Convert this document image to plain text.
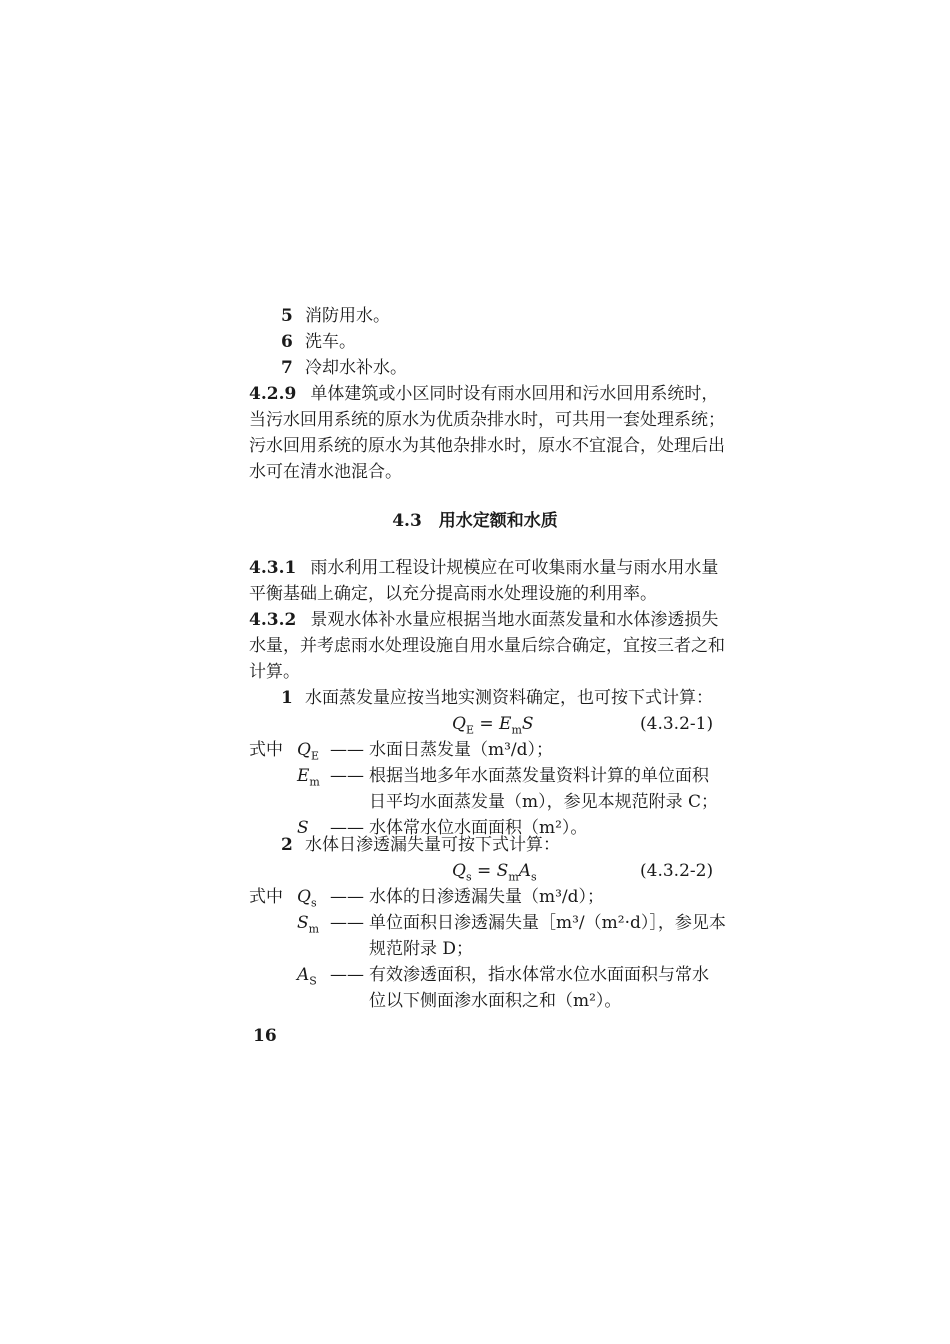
5 消防用水。
6 洗车。
7 冷却水补水。
4.2.9 单体建筑或小区同时设有雨水回用和污水回用系统时，
当污水回用系统的原水为优质杂排水时，可共用一套处理系统；
污水回用系统的原水为其他杂排水时，原水不宜混合，处理后出
水可在清水池混合。
4.3　用水定额和水质
4.3.1 雨水利用工程设计规模应在可收集雨水量与雨水用水量
平衡基础上确定，以充分提高雨水处理设施的利用率。
4.3.2 景观水体补水量应根据当地水面蒸发量和水体渗透损失
水量，并考虑雨水处理设施自用水量后综合确定，宜按三者之和
计算。
1 水面蒸发量应按当地实测资料确定，也可按下式计算：
$Q_E = E_mS$	(4.3.2-1)
式中 $Q_E$ —— 水面日蒸发量（m³/d）；
$E_m$ —— 根据当地多年水面蒸发量资料计算的单位面积
日平均水面蒸发量（m），参见本规范附录 C；
S —— 水体常水位水面面积（m²）。
2 水体日渗透漏失量可按下式计算：
$Q_s = S_mA_s$	(4.3.2-2)
式中 $Q_s$ —— 水体的日渗透漏失量（m³/d）；
$S_m$ —— 单位面积日渗透漏失量［m³/（m²·d）］，参见本
规范附录 D；
$A_S$ —— 有效渗透面积，指水体常水位水面面积与常水
位以下侧面渗水面积之和（m²）。
16
